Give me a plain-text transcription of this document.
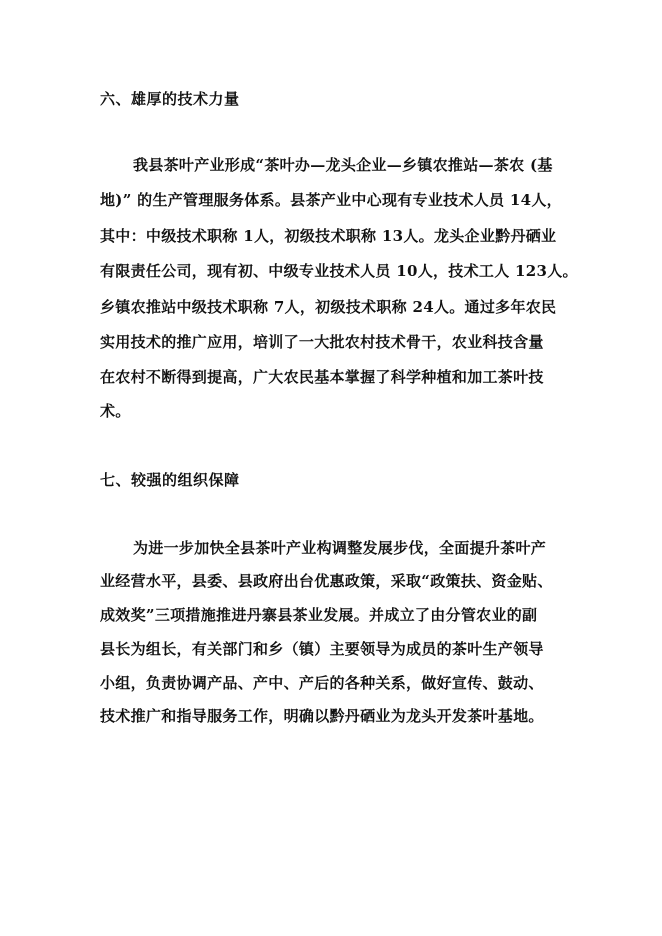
六、雄厚的技术力量
我县茶叶产业形成“茶叶办—龙头企业—乡镇农推站—茶农 (基
地)” 的生产管理服务体系。县茶产业中心现有专业技术人员 14人，
其中：中级技术职称 1人，初级技术职称 13人。龙头企业黔丹硒业
有限责任公司，现有初、中级专业技术人员 10人，技术工人 123人。
乡镇农推站中级技术职称 7人，初级技术职称 24人。通过多年农民
实用技术的推广应用，培训了一大批农村技术骨干，农业科技含量
在农村不断得到提高，广大农民基本掌握了科学种植和加工茶叶技
术。
七、较强的组织保障
为进一步加快全县茶叶产业构调整发展步伐，全面提升茶叶产
业经营水平，县委、县政府出台优惠政策，采取“政策扶、资金贴、
成效奖”三项措施推进丹寨县茶业发展。并成立了由分管农业的副
县长为组长，有关部门和乡（镇）主要领导为成员的茶叶生产领导
小组，负责协调产品、产中、产后的各种关系，做好宣传、鼓动、
技术推广和指导服务工作，明确以黔丹硒业为龙头开发茶叶基地。
